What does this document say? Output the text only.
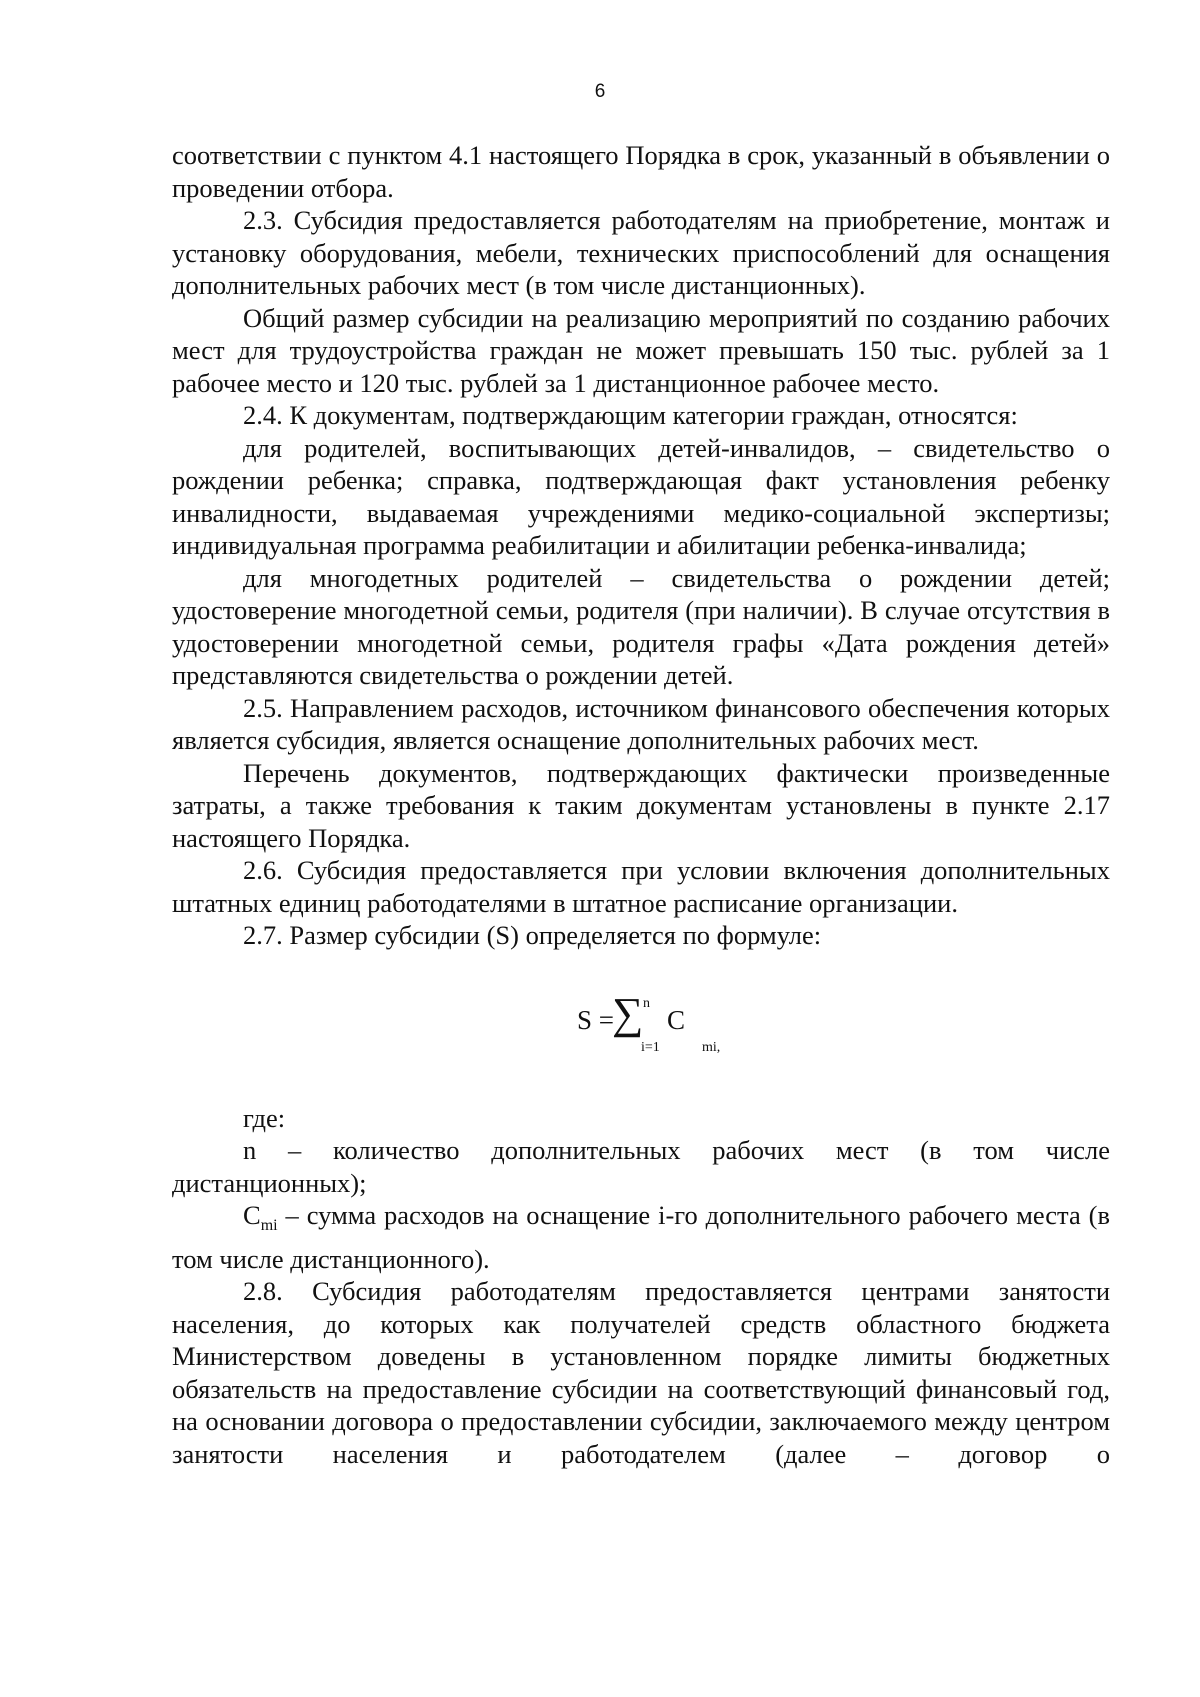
6

соответствии с пунктом 4.1 настоящего Порядка в срок, указанный в объявлении о проведении отбора.

2.3. Субсидия предоставляется работодателям на приобретение, монтаж и установку оборудования, мебели, технических приспособлений для оснащения дополнительных рабочих мест (в том числе дистанционных).

Общий размер субсидии на реализацию мероприятий по созданию рабочих мест для трудоустройства граждан не может превышать 150 тыс. рублей за 1 рабочее место и 120 тыс. рублей за 1 дистанционное рабочее место.

2.4. К документам, подтверждающим категории граждан, относятся:

для родителей, воспитывающих детей-инвалидов, – свидетельство о рождении ребенка; справка, подтверждающая факт установления ребенку инвалидности, выдаваемая учреждениями медико-социальной экспертизы; индивидуальная программа реабилитации и абилитации ребенка-инвалида;

для многодетных родителей – свидетельства о рождении детей; удостоверение многодетной семьи, родителя (при наличии). В случае отсутствия в удостоверении многодетной семьи, родителя графы «Дата рождения детей» представляются свидетельства о рождении детей.

2.5. Направлением расходов, источником финансового обеспечения которых является субсидия, является оснащение дополнительных рабочих мест.

Перечень документов, подтверждающих фактически произведенные затраты, а также требования к таким документам установлены в пункте 2.17 настоящего Порядка.

2.6. Субсидия предоставляется при условии включения дополнительных штатных единиц работодателями в штатное расписание организации.

2.7. Размер субсидии (S) определяется по формуле:

S =
∑ n
i=1
C
mi,

где:

n – количество дополнительных рабочих мест (в том числе дистанционных);

$C_{mi}$ – сумма расходов на оснащение i-го дополнительного рабочего места (в том числе дистанционного).

2.8. Субсидия работодателям предоставляется центрами занятости населения, до которых как получателей средств областного бюджета Министерством доведены в установленном порядке лимиты бюджетных обязательств на предоставление субсидии на соответствующий финансовый год, на основании договора о предоставлении субсидии, заключаемого между центром занятости населения и работодателем (далее – договор о
